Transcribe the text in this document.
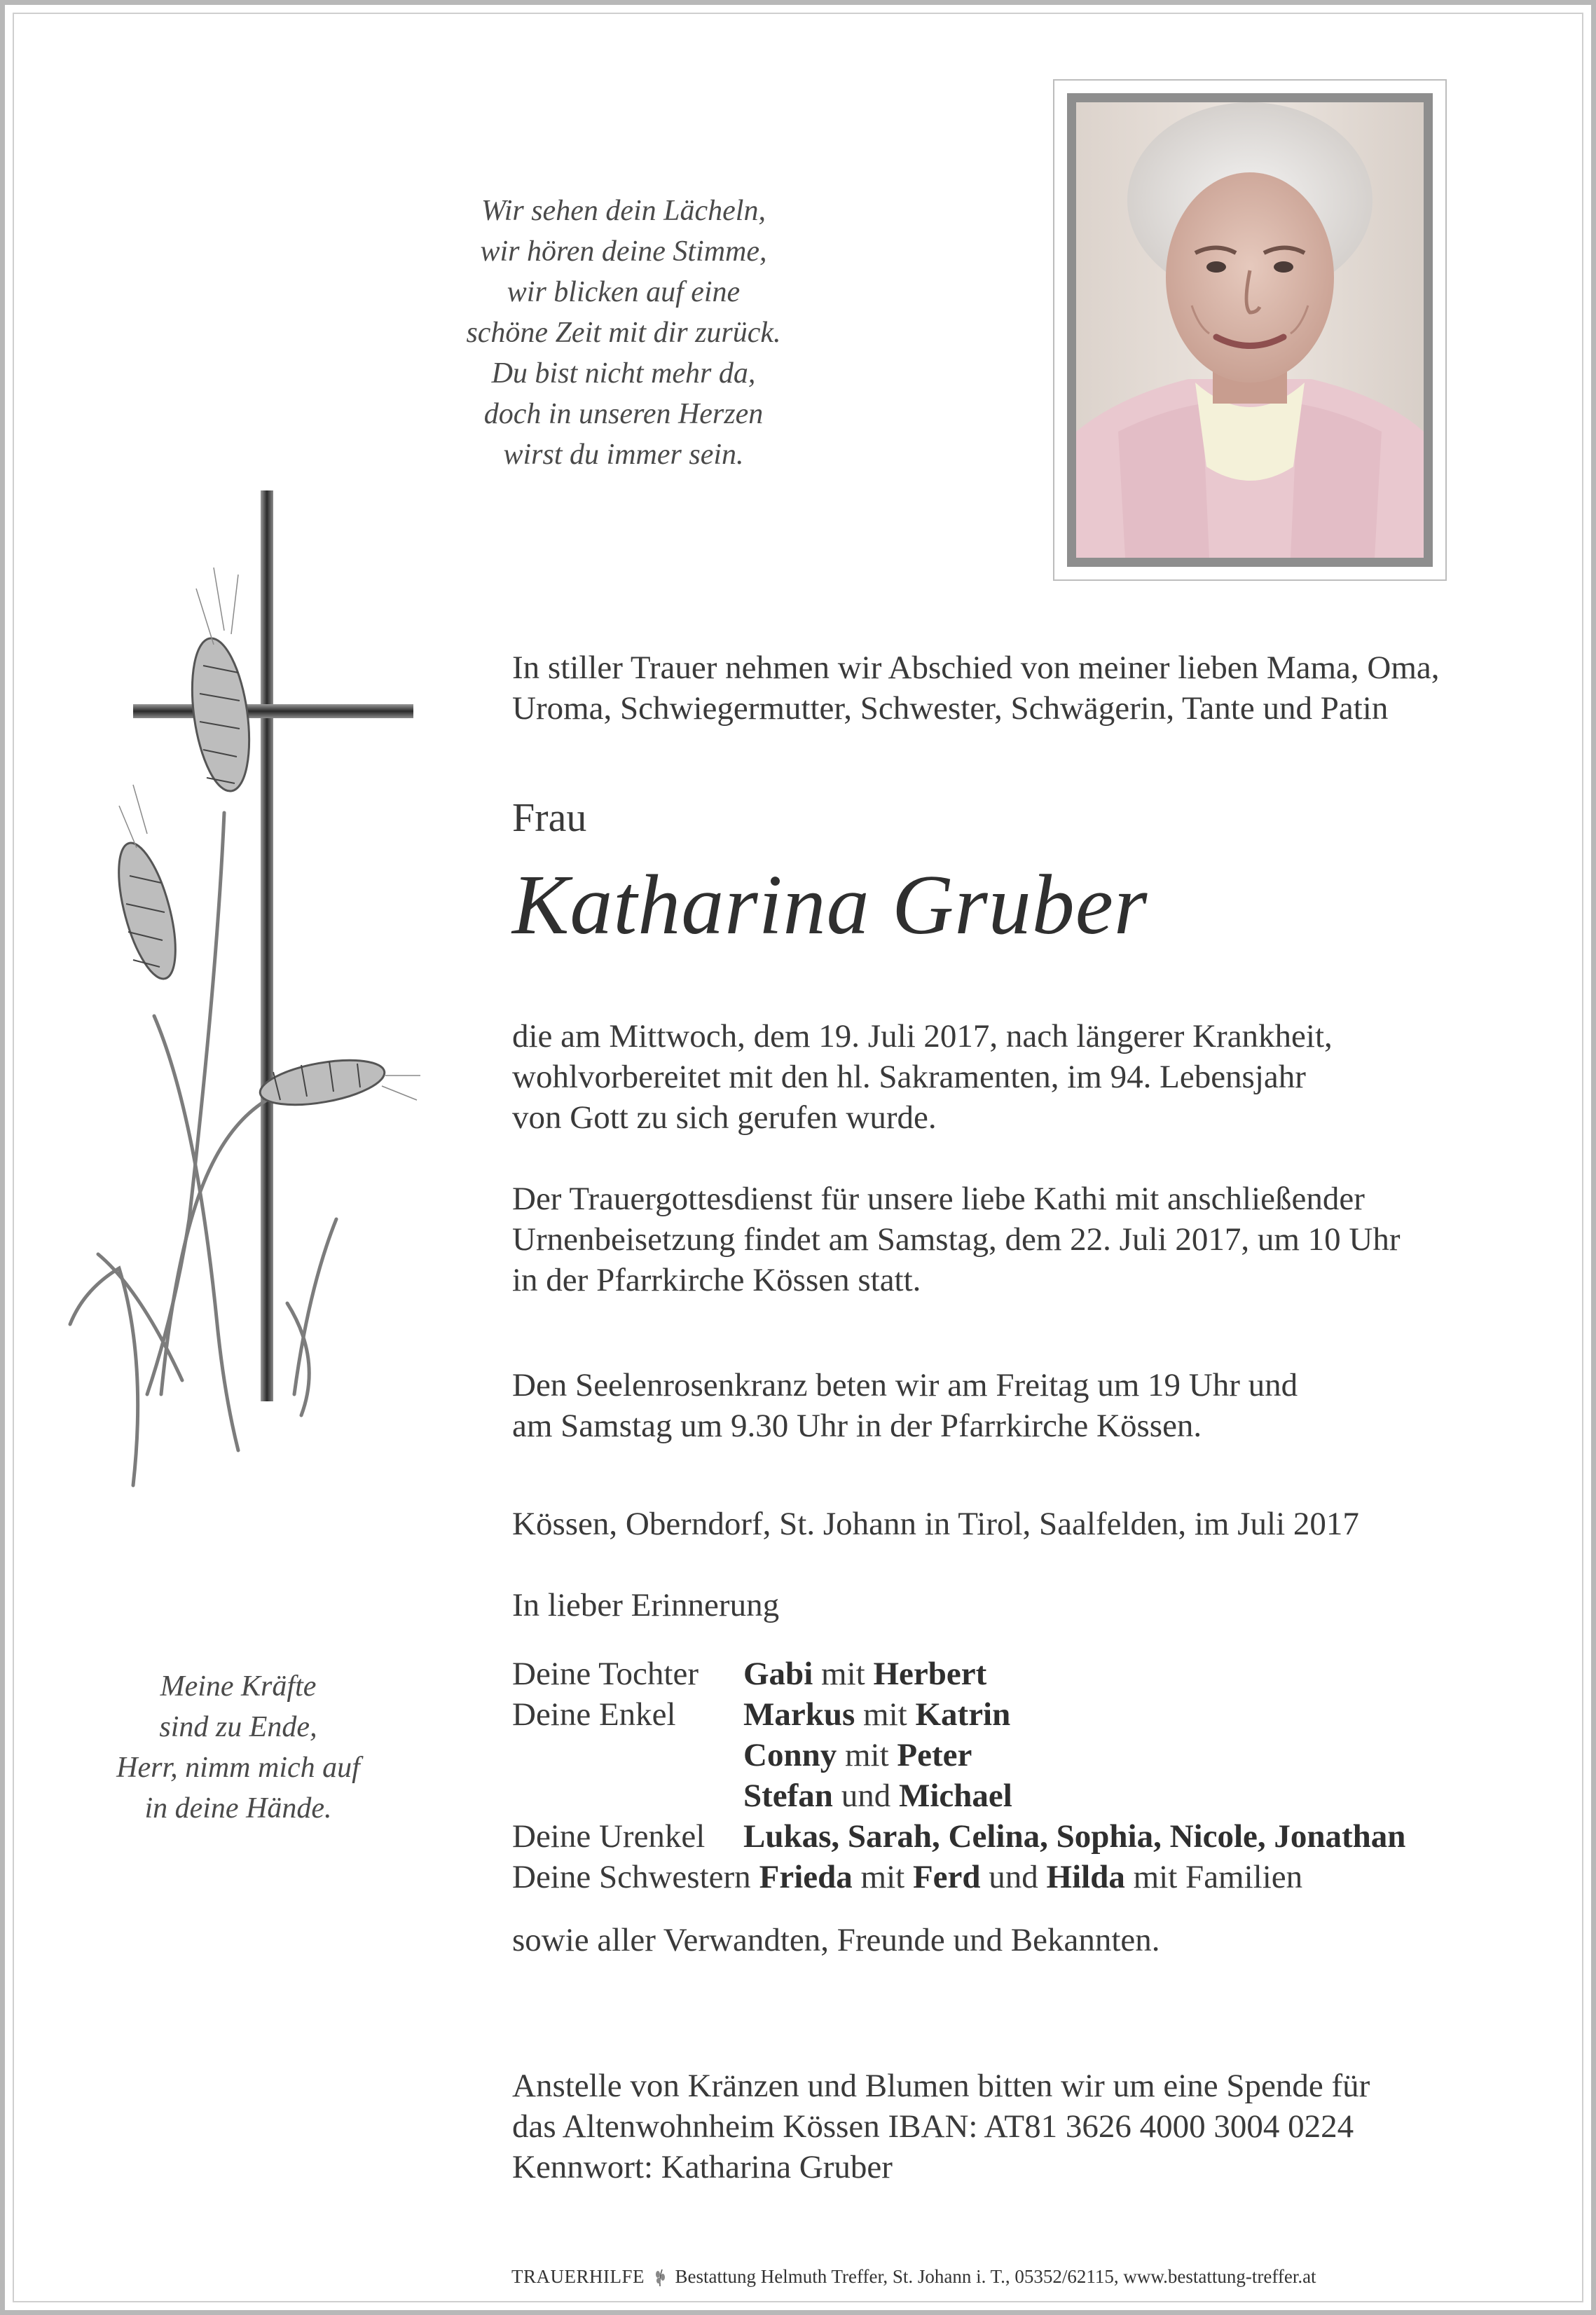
Wir sehen dein Lächeln,
wir hören deine Stimme,
wir blicken auf eine
schöne Zeit mit dir zurück.
Du bist nicht mehr da,
doch in unseren Herzen
wirst du immer sein.
In stiller Trauer nehmen wir Abschied von meiner lieben Mama, Oma,
Uroma, Schwiegermutter, Schwester, Schwägerin, Tante und Patin
Frau
Katharina Gruber
die am Mittwoch, dem 19. Juli 2017, nach längerer Krankheit,
wohlvorbereitet mit den hl. Sakramenten, im 94. Lebensjahr
von Gott zu sich gerufen wurde.
Der Trauergottesdienst für unsere liebe Kathi mit anschließender
Urnenbeisetzung findet am Samstag, dem 22. Juli 2017, um 10 Uhr
in der Pfarrkirche Kössen statt.
Den Seelenrosenkranz beten wir am Freitag um 19 Uhr und
am Samstag um 9.30 Uhr in der Pfarrkirche Kössen.
Kössen, Oberndorf, St. Johann in Tirol, Saalfelden, im Juli 2017
In lieber Erinnerung
Deine Tochter	Gabi mit Herbert
Deine Enkel	Markus mit Katrin
Conny mit Peter
Stefan und Michael
Deine Urenkel	Lukas, Sarah, Celina, Sophia, Nicole, Jonathan
Deine Schwestern Frieda mit Ferd und Hilda mit Familien
sowie aller Verwandten, Freunde und Bekannten.
Anstelle von Kränzen und Blumen bitten wir um eine Spende für
das Altenwohnheim Kössen IBAN: AT81 3626 4000 3004 0224
Kennwort: Katharina Gruber
Meine Kräfte
sind zu Ende,
Herr, nimm mich auf
in deine Hände.
TRAUERHILFE Bestattung Helmuth Treffer, St. Johann i. T., 05352/62115, www.bestattung-treffer.at
